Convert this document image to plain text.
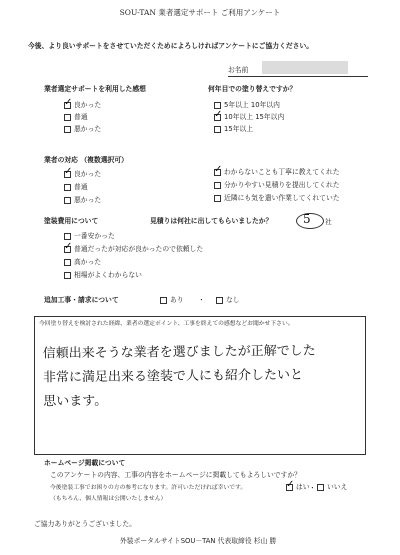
SOU-TAN 業者選定サポート ご利用アンケート
今後、より良いサポートをさせていただくためによろしければアンケートにご協力ください。
お名前
業者選定サポートを利用した感想
✓ 良かった
普通
悪かった
何年目での塗り替えですか？
5年以上 10年以内
✓ 10年以上 15年以内
15年以上
業者の対応 （複数選択可）
✓ 良かった
普通
悪かった
✓ わからないことも丁寧に教えてくれた
分かりやすい見積りを提出してくれた
近隣にも気を遣い作業してくれていた
塗装費用について
一番安かった
✓ 普通だったが対応が良かったので依頼した
高かった
相場がよくわからない
見積りは何社に出してもらいましたか？	5 社
追加工事・請求について	あり ・	なし
今回塗り替えを検討された経緯、業者の選定ポイント、工事を終えての感想などお聞かせ下さい。
信頼出来そうな業者を選びましたが正解でした
非常に満足出来る塗装で人にも紹介したいと
思います。
ホームページ掲載について
このアンケートの内容、工事の内容をホームページに掲載してもよろしいですか？
今後塗装工事でお困りの方の参考になります。許可いただければ幸いです。
（もちろん、個人情報は公開いたしません）
✓ はい ・ いいえ
ご協力ありがとうございました。
外装ポータルサイトSOU－TAN 代表取締役 杉山 勝
